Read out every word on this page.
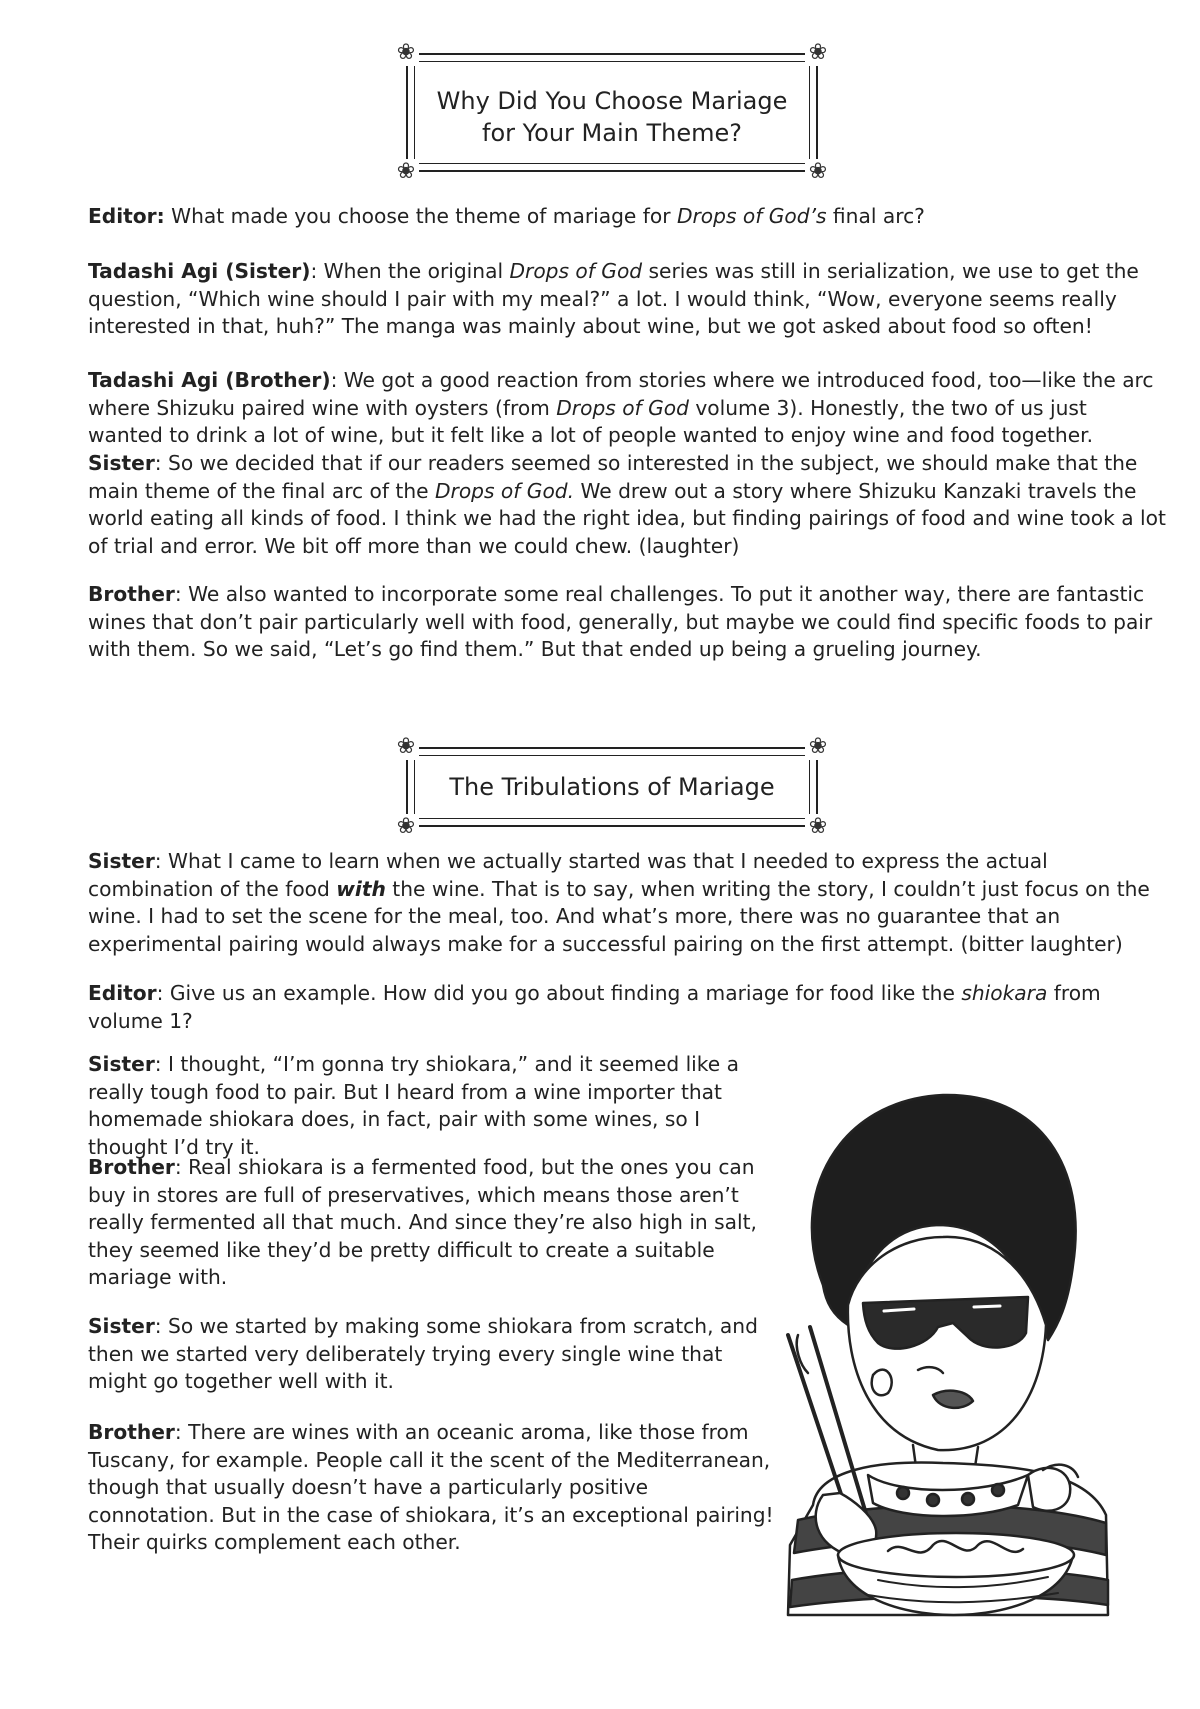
❀	❀
❀	❀
Why Did You Choose Mariage
for Your Main Theme?

Editor: What made you choose the theme of mariage for Drops of God’s final arc?

Tadashi Agi (Sister): When the original Drops of God series was still in serialization, we use to get the question, “Which wine should I pair with my meal?” a lot. I would think, “Wow, everyone seems really interested in that, huh?” The manga was mainly about wine, but we got asked about food so often!

Tadashi Agi (Brother): We got a good reaction from stories where we introduced food, too—like the arc where Shizuku paired wine with oysters (from Drops of God volume 3). Honestly, the two of us just wanted to drink a lot of wine, but it felt like a lot of people wanted to enjoy wine and food together.

Sister: So we decided that if our readers seemed so interested in the subject, we should make that the main theme of the final arc of the Drops of God. We drew out a story where Shizuku Kanzaki travels the world eating all kinds of food. I think we had the right idea, but finding pairings of food and wine took a lot of trial and error. We bit off more than we could chew. (laughter)

Brother: We also wanted to incorporate some real challenges. To put it another way, there are fantastic wines that don’t pair particularly well with food, generally, but maybe we could find specific foods to pair with them. So we said, “Let’s go find them.” But that ended up being a grueling journey.

❀	❀
❀	❀
The Tribulations of Mariage

Sister: What I came to learn when we actually started was that I needed to express the actual combination of the food with the wine. That is to say, when writing the story, I couldn’t just focus on the wine. I had to set the scene for the meal, too. And what’s more, there was no guarantee that an experimental pairing would always make for a successful pairing on the first attempt. (bitter laughter)

Editor: Give us an example. How did you go about finding a mariage for food like the shiokara from volume 1?

Sister: I thought, “I’m gonna try shiokara,” and it seemed like a really tough food to pair. But I heard from a wine importer that homemade shiokara does, in fact, pair with some wines, so I thought I’d try it.

Brother: Real shiokara is a fermented food, but the ones you can buy in stores are full of preservatives, which means those aren’t really fermented all that much. And since they’re also high in salt, they seemed like they’d be pretty difficult to create a suitable mariage with.

Sister: So we started by making some shiokara from scratch, and then we started very deliberately trying every single wine that might go together well with it.

Brother: There are wines with an oceanic aroma, like those from Tuscany, for example. People call it the scent of the Mediterranean, though that usually doesn’t have a particularly positive connotation. But in the case of shiokara, it’s an exceptional pairing! Their quirks complement each other.
